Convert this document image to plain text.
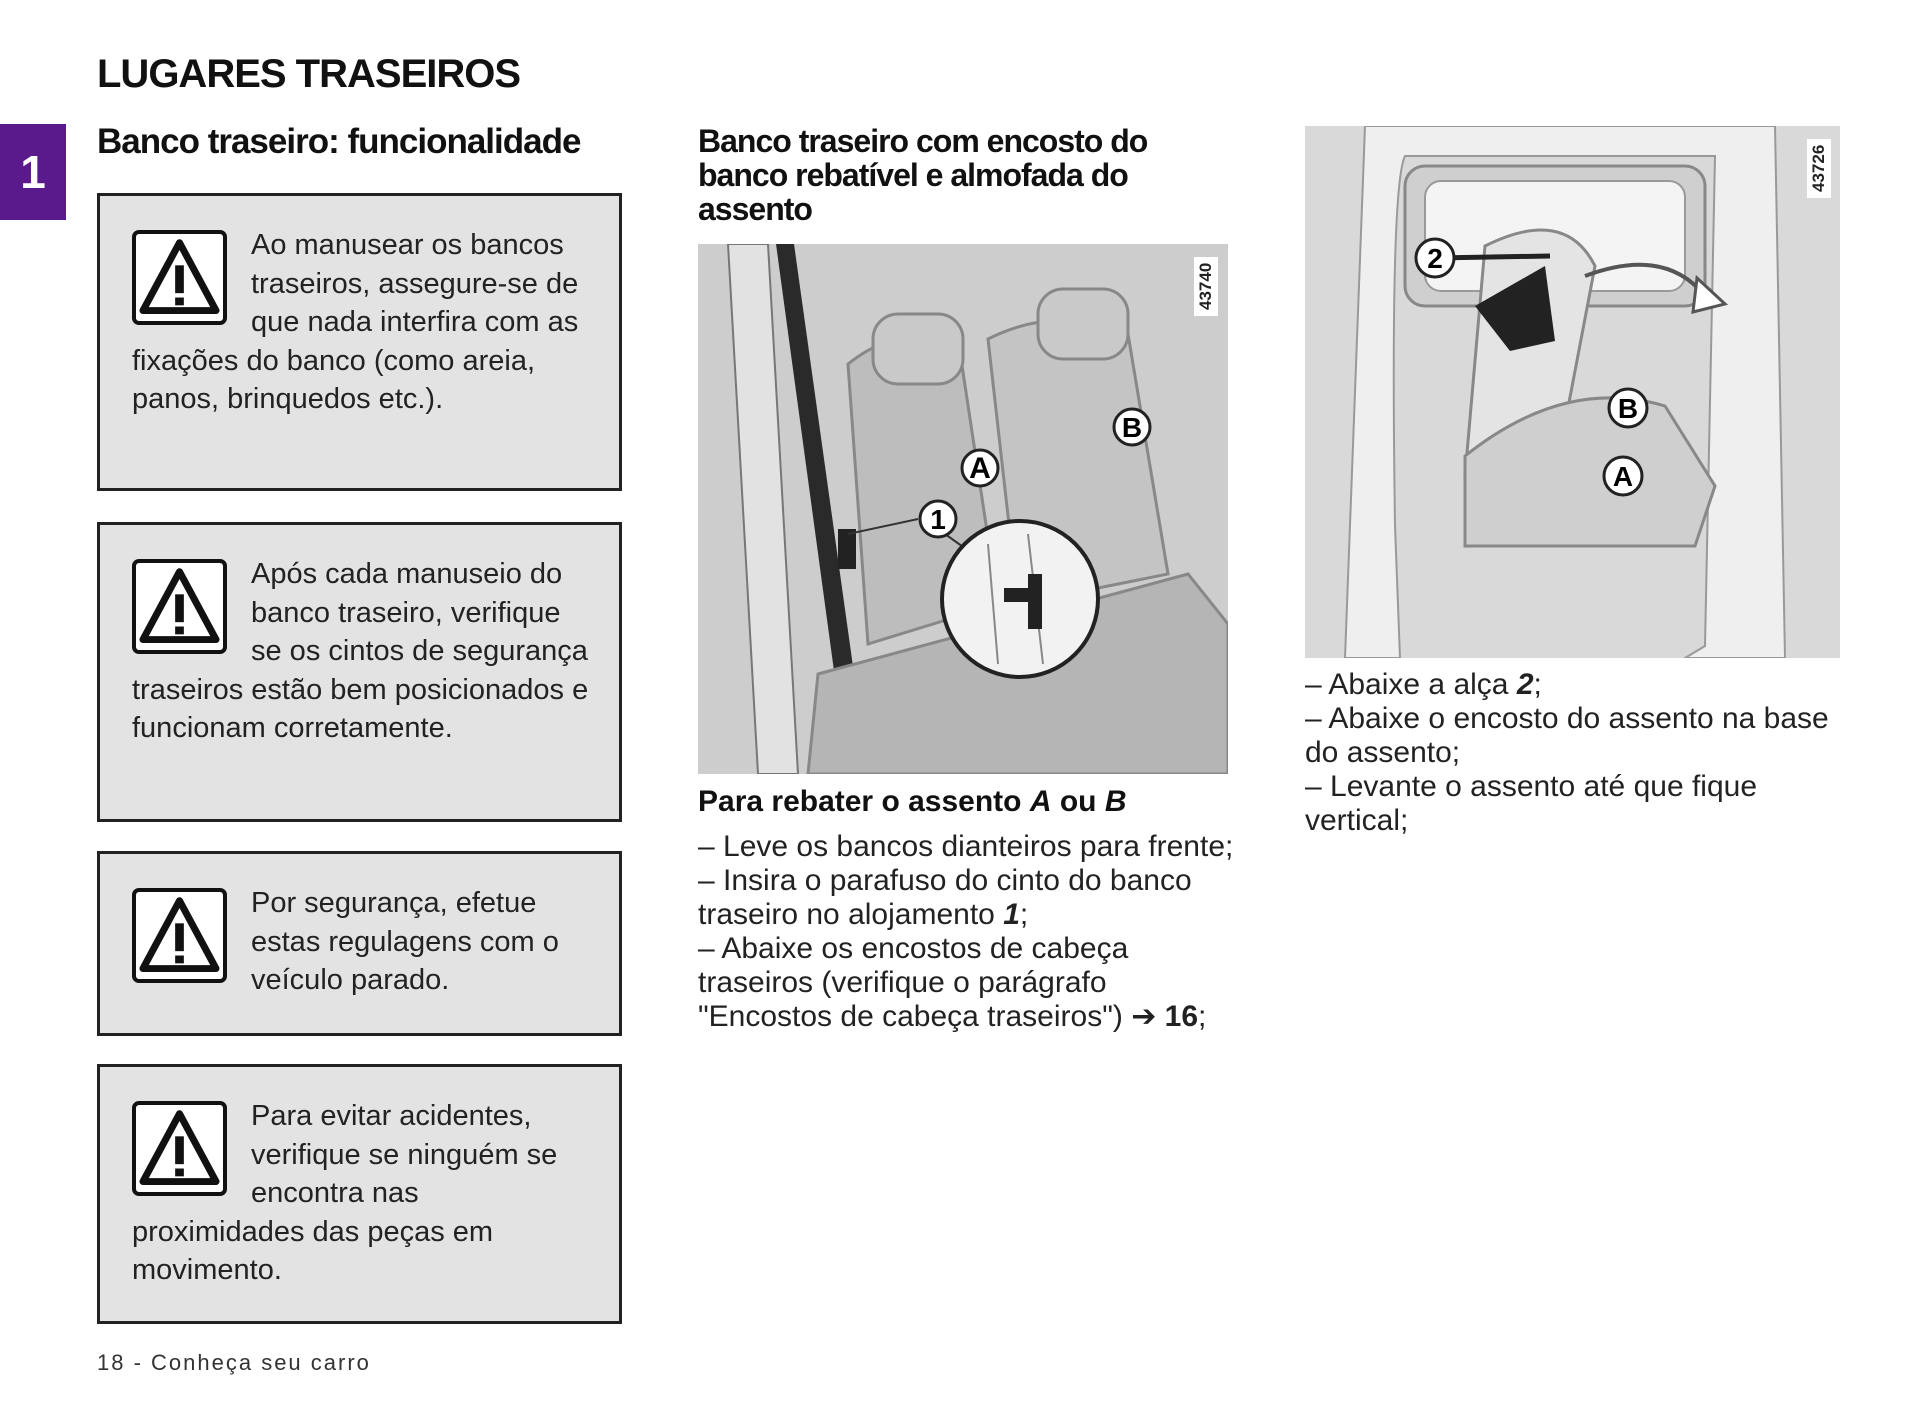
1
LUGARES TRASEIROS
Banco traseiro: funcionalidade
Ao manusear os bancos traseiros, assegure-se de que nada interfira com as fixações do banco (como areia, panos, brinquedos etc.).
Após cada manuseio do banco traseiro, verifique se os cintos de segurança traseiros estão bem posicionados e funcionam corretamente.
Por segurança, efetue estas regulagens com o veículo parado.
Para evitar acidentes, verifique se ninguém se encontra nas proximidades das peças em movimento.
Banco traseiro com encosto do banco rebatível e almofada do assento
A
B
1
43740
Para rebater o assento A ou B

– Leve os bancos dianteiros para frente;

– Insira o parafuso do cinto do banco traseiro no alojamento 1;

– Abaixe os encostos de cabeça traseiros (verifique o parágrafo "Encostos de cabeça traseiros") ➔ 16;

2
B
A
43726

– Abaixe a alça 2;

– Abaixe o encosto do assento na base do assento;

– Levante o assento até que fique vertical;

18 - Conheça seu carro
